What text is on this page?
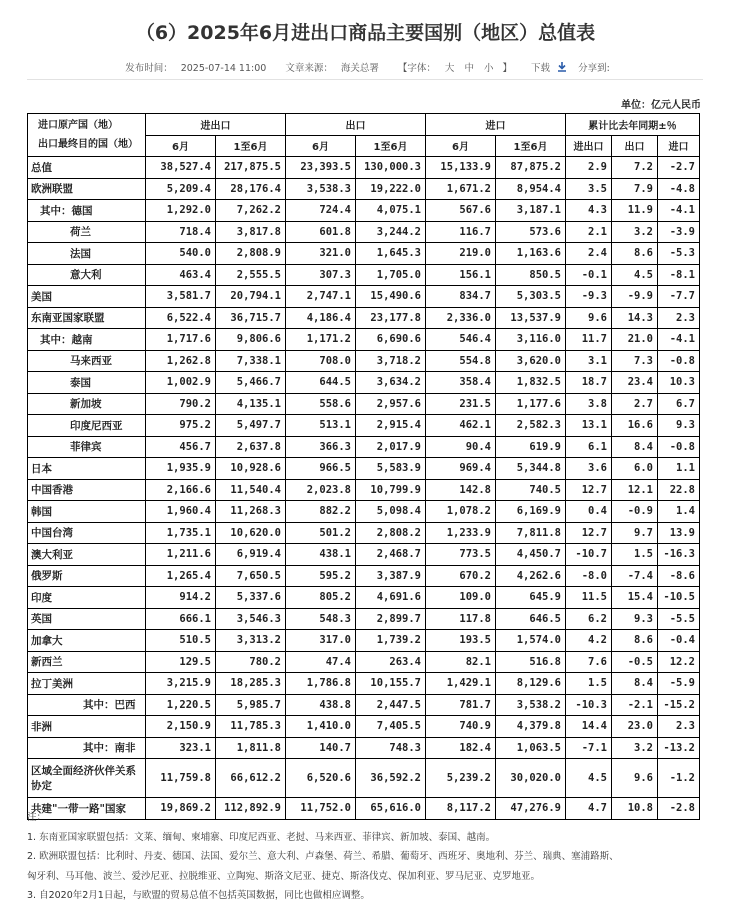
（6）2025年6月进出口商品主要国别（地区）总值表
发布时间： 2025-07-14 11:00 文章来源： 海关总署 【字体： 大 中 小 】 下载	分享到:
单位：亿元人民币
进口原产国（地）
出口最终目的国（地）	进出口		出口		进口		累计比去年同期±％		
	6月	1至6月	6月	1至6月	6月	1至6月	进出口	出口	进口
总值	38,527.4	217,875.5	23,393.5	130,000.3	15,133.9	87,875.2	2.9	7.2	-2.7
欧洲联盟	5,209.4	28,176.4	3,538.3	19,222.0	1,671.2	8,954.4	3.5	7.9	-4.8
其中：德国	1,292.0	7,262.2	724.4	4,075.1	567.6	3,187.1	4.3	11.9	-4.1
荷兰	718.4	3,817.8	601.8	3,244.2	116.7	573.6	2.1	3.2	-3.9
法国	540.0	2,808.9	321.0	1,645.3	219.0	1,163.6	2.4	8.6	-5.3
意大利	463.4	2,555.5	307.3	1,705.0	156.1	850.5	-0.1	4.5	-8.1
美国	3,581.7	20,794.1	2,747.1	15,490.6	834.7	5,303.5	-9.3	-9.9	-7.7
东南亚国家联盟	6,522.4	36,715.7	4,186.4	23,177.8	2,336.0	13,537.9	9.6	14.3	2.3
其中：越南	1,717.6	9,806.6	1,171.2	6,690.6	546.4	3,116.0	11.7	21.0	-4.1
马来西亚	1,262.8	7,338.1	708.0	3,718.2	554.8	3,620.0	3.1	7.3	-0.8
泰国	1,002.9	5,466.7	644.5	3,634.2	358.4	1,832.5	18.7	23.4	10.3
新加坡	790.2	4,135.1	558.6	2,957.6	231.5	1,177.6	3.8	2.7	6.7
印度尼西亚	975.2	5,497.7	513.1	2,915.4	462.1	2,582.3	13.1	16.6	9.3
菲律宾	456.7	2,637.8	366.3	2,017.9	90.4	619.9	6.1	8.4	-0.8
日本	1,935.9	10,928.6	966.5	5,583.9	969.4	5,344.8	3.6	6.0	1.1
中国香港	2,166.6	11,540.4	2,023.8	10,799.9	142.8	740.5	12.7	12.1	22.8
韩国	1,960.4	11,268.3	882.2	5,098.4	1,078.2	6,169.9	0.4	-0.9	1.4
中国台湾	1,735.1	10,620.0	501.2	2,808.2	1,233.9	7,811.8	12.7	9.7	13.9
澳大利亚	1,211.6	6,919.4	438.1	2,468.7	773.5	4,450.7	-10.7	1.5	-16.3
俄罗斯	1,265.4	7,650.5	595.2	3,387.9	670.2	4,262.6	-8.0	-7.4	-8.6
印度	914.2	5,337.6	805.2	4,691.6	109.0	645.9	11.5	15.4	-10.5
英国	666.1	3,546.3	548.3	2,899.7	117.8	646.5	6.2	9.3	-5.5
加拿大	510.5	3,313.2	317.0	1,739.2	193.5	1,574.0	4.2	8.6	-0.4
新西兰	129.5	780.2	47.4	263.4	82.1	516.8	7.6	-0.5	12.2
拉丁美洲	3,215.9	18,285.3	1,786.8	10,155.7	1,429.1	8,129.6	1.5	8.4	-5.9
其中：巴西	1,220.5	5,985.7	438.8	2,447.5	781.7	3,538.2	-10.3	-2.1	-15.2
非洲	2,150.9	11,785.3	1,410.0	7,405.5	740.9	4,379.8	14.4	23.0	2.3
其中：南非	323.1	1,811.8	140.7	748.3	182.4	1,063.5	-7.1	3.2	-13.2
区域全面经济伙伴关系协定	11,759.8	66,612.2	6,520.6	36,592.2	5,239.2	30,020.0	4.5	9.6	-1.2
共建"一带一路"国家	19,869.2	112,892.9	11,752.0	65,616.0	8,117.2	47,276.9	4.7	10.8	-2.8

注：

1. 东南亚国家联盟包括：文莱、缅甸、柬埔寨、印度尼西亚、老挝、马来西亚、菲律宾、新加坡、泰国、越南。

2. 欧洲联盟包括：比利时、丹麦、德国、法国、爱尔兰、意大利、卢森堡、荷兰、希腊、葡萄牙、西班牙、奥地利、芬兰、瑞典、塞浦路斯、

匈牙利、马耳他、波兰、爱沙尼亚、拉脱维亚、立陶宛、斯洛文尼亚、捷克、斯洛伐克、保加利亚、罗马尼亚、克罗地亚。

3. 自2020年2月1日起，与欧盟的贸易总值不包括英国数据，同比也做相应调整。
